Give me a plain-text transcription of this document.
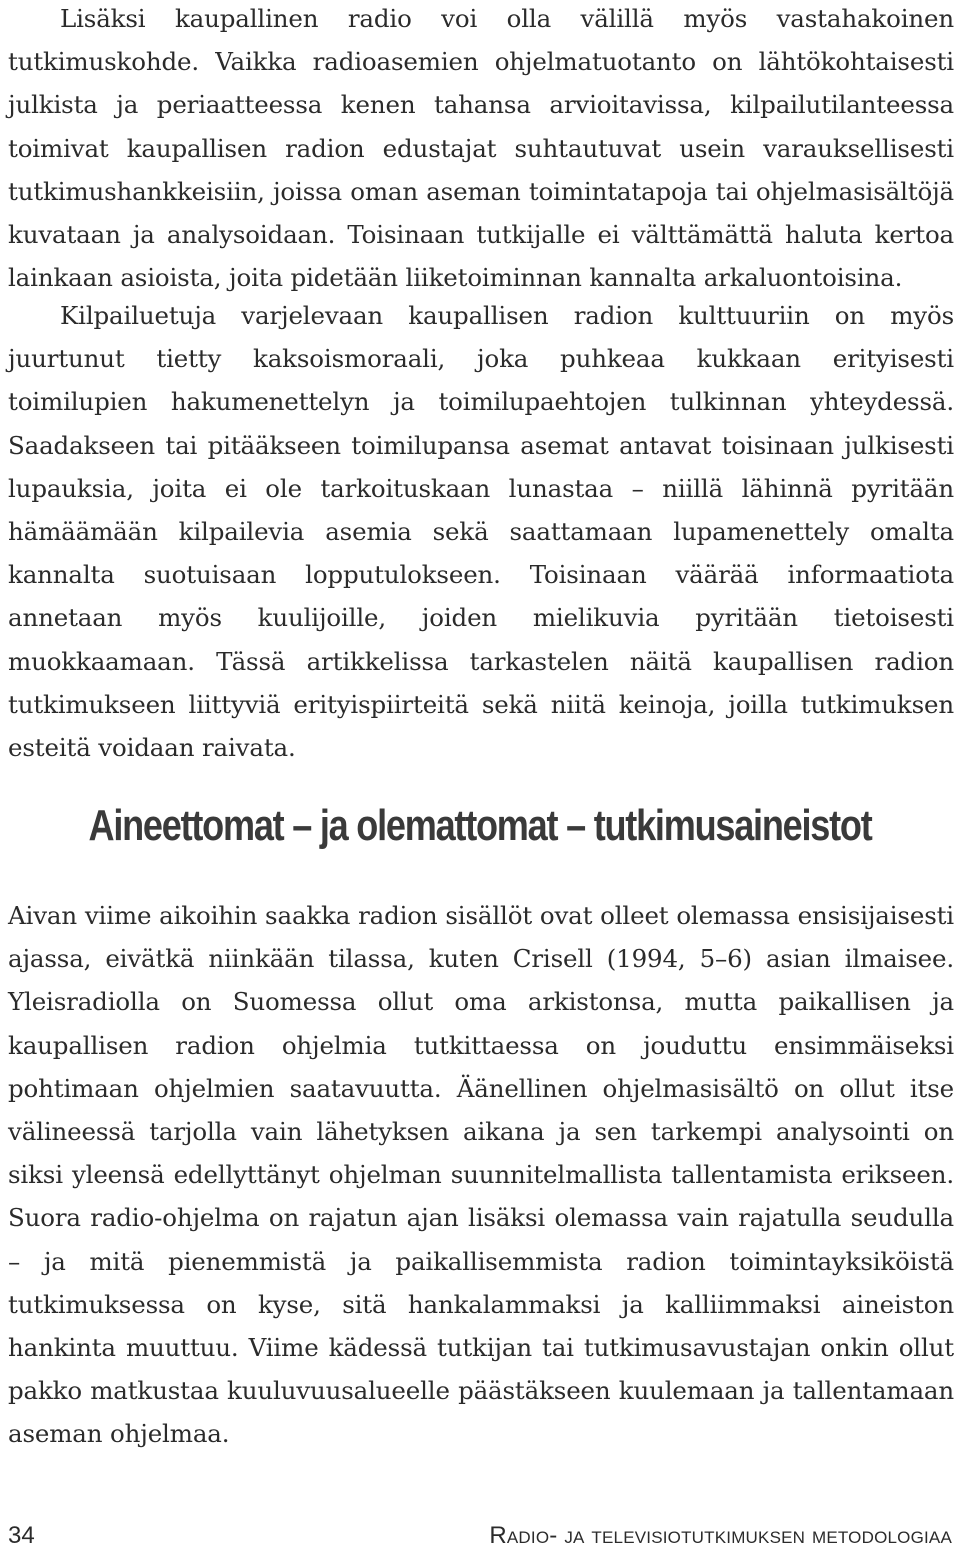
Lisäksi kaupallinen radio voi olla välillä myös vastahakoinen tutkimuskohde. Vaikka radioasemien ohjelmatuotanto on lähtökohtaisesti julkista ja periaatteessa kenen tahansa arvioitavissa, kilpailutilanteessa toimivat kaupallisen radion edustajat suhtautuvat usein varauksellisesti tutkimushankkeisiin, joissa oman aseman toimintatapoja tai ohjelmasisältöjä kuvataan ja analysoidaan. Toisinaan tutkijalle ei välttämättä haluta kertoa lainkaan asioista, joita pidetään liiketoiminnan kannalta arkaluontoisina.

Kilpailuetuja varjelevaan kaupallisen radion kulttuuriin on myös juurtunut tietty kaksoismoraali, joka puhkeaa kukkaan erityisesti toimilupien hakumenettelyn ja toimilupaehtojen tulkinnan yhteydessä. Saadakseen tai pitääkseen toimilupansa asemat antavat toisinaan julkisesti lupauksia, joita ei ole tarkoituskaan lunastaa – niillä lähinnä pyritään hämäämään kilpailevia asemia sekä saattamaan lupamenettely omalta kannalta suotuisaan lopputulokseen. Toisinaan väärää informaatiota annetaan myös kuulijoille, joiden mielikuvia pyritään tietoisesti muokkaamaan. Tässä artikkelissa tarkastelen näitä kaupallisen radion tutkimukseen liittyviä erityispiirteitä sekä niitä keinoja, joilla tutkimuksen esteitä voidaan raivata.

Aineettomat – ja olemattomat – tutkimusaineistot

Aivan viime aikoihin saakka radion sisällöt ovat olleet olemassa ensisijaisesti ajassa, eivätkä niinkään tilassa, kuten Crisell (1994, 5–6) asian ilmaisee. Yleisradiolla on Suomessa ollut oma arkistonsa, mutta paikallisen ja kaupallisen radion ohjelmia tutkittaessa on jouduttu ensimmäiseksi pohtimaan ohjelmien saatavuutta. Äänellinen ohjelmasisältö on ollut itse välineessä tarjolla vain lähetyksen aikana ja sen tarkempi analysointi on siksi yleensä edellyttänyt ohjelman suunnitelmallista tallentamista erikseen. Suora radio-ohjelma on rajatun ajan lisäksi olemassa vain rajatulla seudulla – ja mitä pienemmistä ja paikallisemmista radion toimintayksiköistä tutkimuksessa on kyse, sitä hankalammaksi ja kalliimmaksi aineiston hankinta muuttuu. Viime kädessä tutkijan tai tutkimusavustajan onkin ollut pakko matkustaa kuuluvuusalueelle päästäkseen kuulemaan ja tallentamaan aseman ohjelmaa.

34	Radio- ja televisiotutkimuksen metodologiaa
